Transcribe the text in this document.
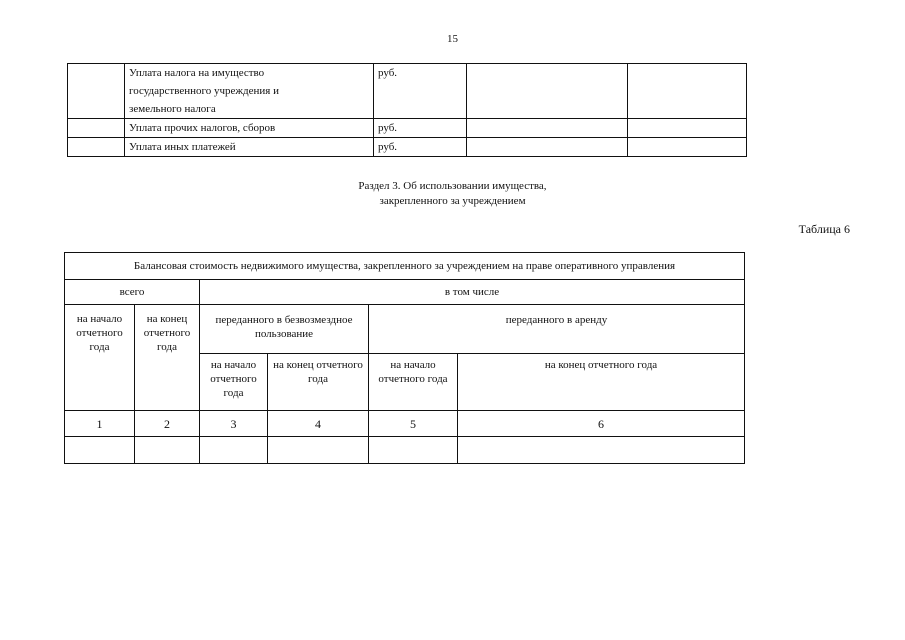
15
	Уплата налога на имущество государственного учреждения и земельного налога	руб.		
	Уплата прочих налогов, сборов	руб.		
	Уплата иных платежей	руб.		
Раздел 3. Об использовании имущества,
закрепленного за учреждением
Таблица 6
Балансовая стоимость недвижимого имущества, закрепленного за учреждением на праве оперативного управления					
всего		в том числе			
на начало отчетного года	на конец отчетного года	переданного в безвозмездное пользование		переданного в аренду	
		на начало отчетного года	на конец отчетного года	на начало отчетного года	на конец отчетного года
1	2	3	4	5	6
